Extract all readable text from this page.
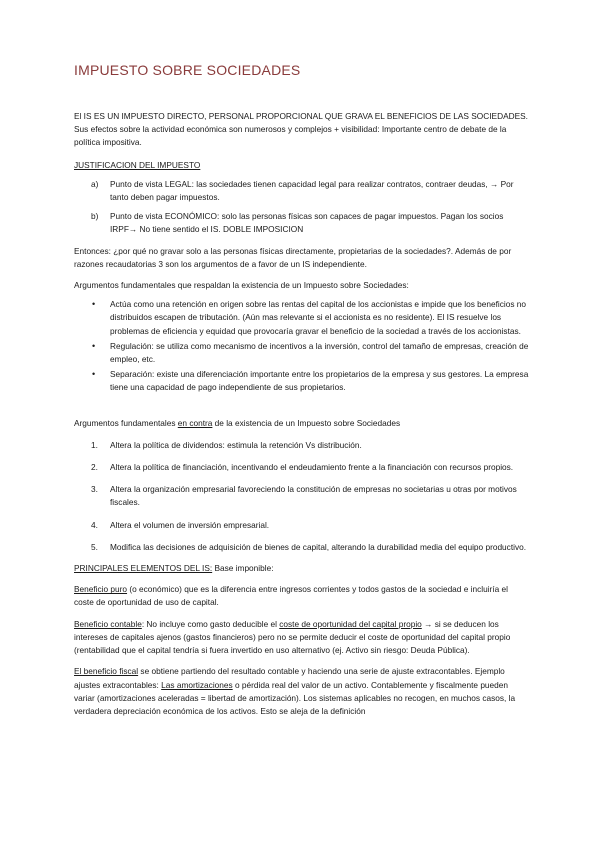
IMPUESTO SOBRE SOCIEDADES

El IS ES UN IMPUESTO DIRECTO, PERSONAL PROPORCIONAL QUE GRAVA EL BENEFICIOS DE LAS SOCIEDADES. Sus efectos sobre la actividad económica son numerosos y complejos + visibilidad: Importante centro de debate de la política impositiva.

JUSTIFICACION DEL IMPUESTO

a) Punto de vista LEGAL: las sociedades tienen capacidad legal para realizar contratos, contraer deudas, → Por tanto deben pagar impuestos.

b) Punto de vista ECONÓMICO: solo las personas físicas son capaces de pagar impuestos. Pagan los socios IRPF→ No tiene sentido el IS. DOBLE IMPOSICION

Entonces: ¿por qué no gravar solo a las personas físicas directamente, propietarias de la sociedades?. Además de por razones recaudatorias 3 son los argumentos de a favor de un IS independiente.

Argumentos fundamentales que respaldan la existencia de un Impuesto sobre Sociedades:

• Actúa como una retención en origen sobre las rentas del capital de los accionistas e impide que los beneficios no distribuidos escapen de tributación. (Aún mas relevante si el accionista es no residente). El IS resuelve los problemas de eficiencia y equidad que provocaría gravar el beneficio de la sociedad a través de los accionistas.

• Regulación: se utiliza como mecanismo de incentivos a la inversión, control del tamaño de empresas, creación de empleo, etc.

• Separación: existe una diferenciación importante entre los propietarios de la empresa y sus gestores. La empresa tiene una capacidad de pago independiente de sus propietarios.

Argumentos fundamentales en contra de la existencia de un Impuesto sobre Sociedades

1. Altera la política de dividendos: estimula la retención Vs distribución.

2. Altera la política de financiación, incentivando el endeudamiento frente a la financiación con recursos propios.

3. Altera la organización empresarial favoreciendo la constitución de empresas no societarias u otras por motivos fiscales.

4. Altera el volumen de inversión empresarial.

5. Modifica las decisiones de adquisición de bienes de capital, alterando la durabilidad media del equipo productivo.

PRINCIPALES ELEMENTOS DEL IS: Base imponible:

Beneficio puro (o económico) que es la diferencia entre ingresos corrientes y todos gastos de la sociedad e incluiría el coste de oportunidad de uso de capital.

Beneficio contable: No incluye como gasto deducible el coste de oportunidad del capital propio → si se deducen los intereses de capitales ajenos (gastos financieros) pero no se permite deducir el coste de oportunidad del capital propio (rentabilidad que el capital tendría si fuera invertido en uso alternativo (ej. Activo sin riesgo: Deuda Pública).

El beneficio fiscal se obtiene partiendo del resultado contable y haciendo una serie de ajuste extracontables. Ejemplo ajustes extracontables: Las amortizaciones o pérdida real del valor de un activo. Contablemente y fiscalmente pueden variar (amortizaciones aceleradas = libertad de amortización). Los sistemas aplicables no recogen, en muchos casos, la verdadera depreciación económica de los activos. Esto se aleja de la definición
